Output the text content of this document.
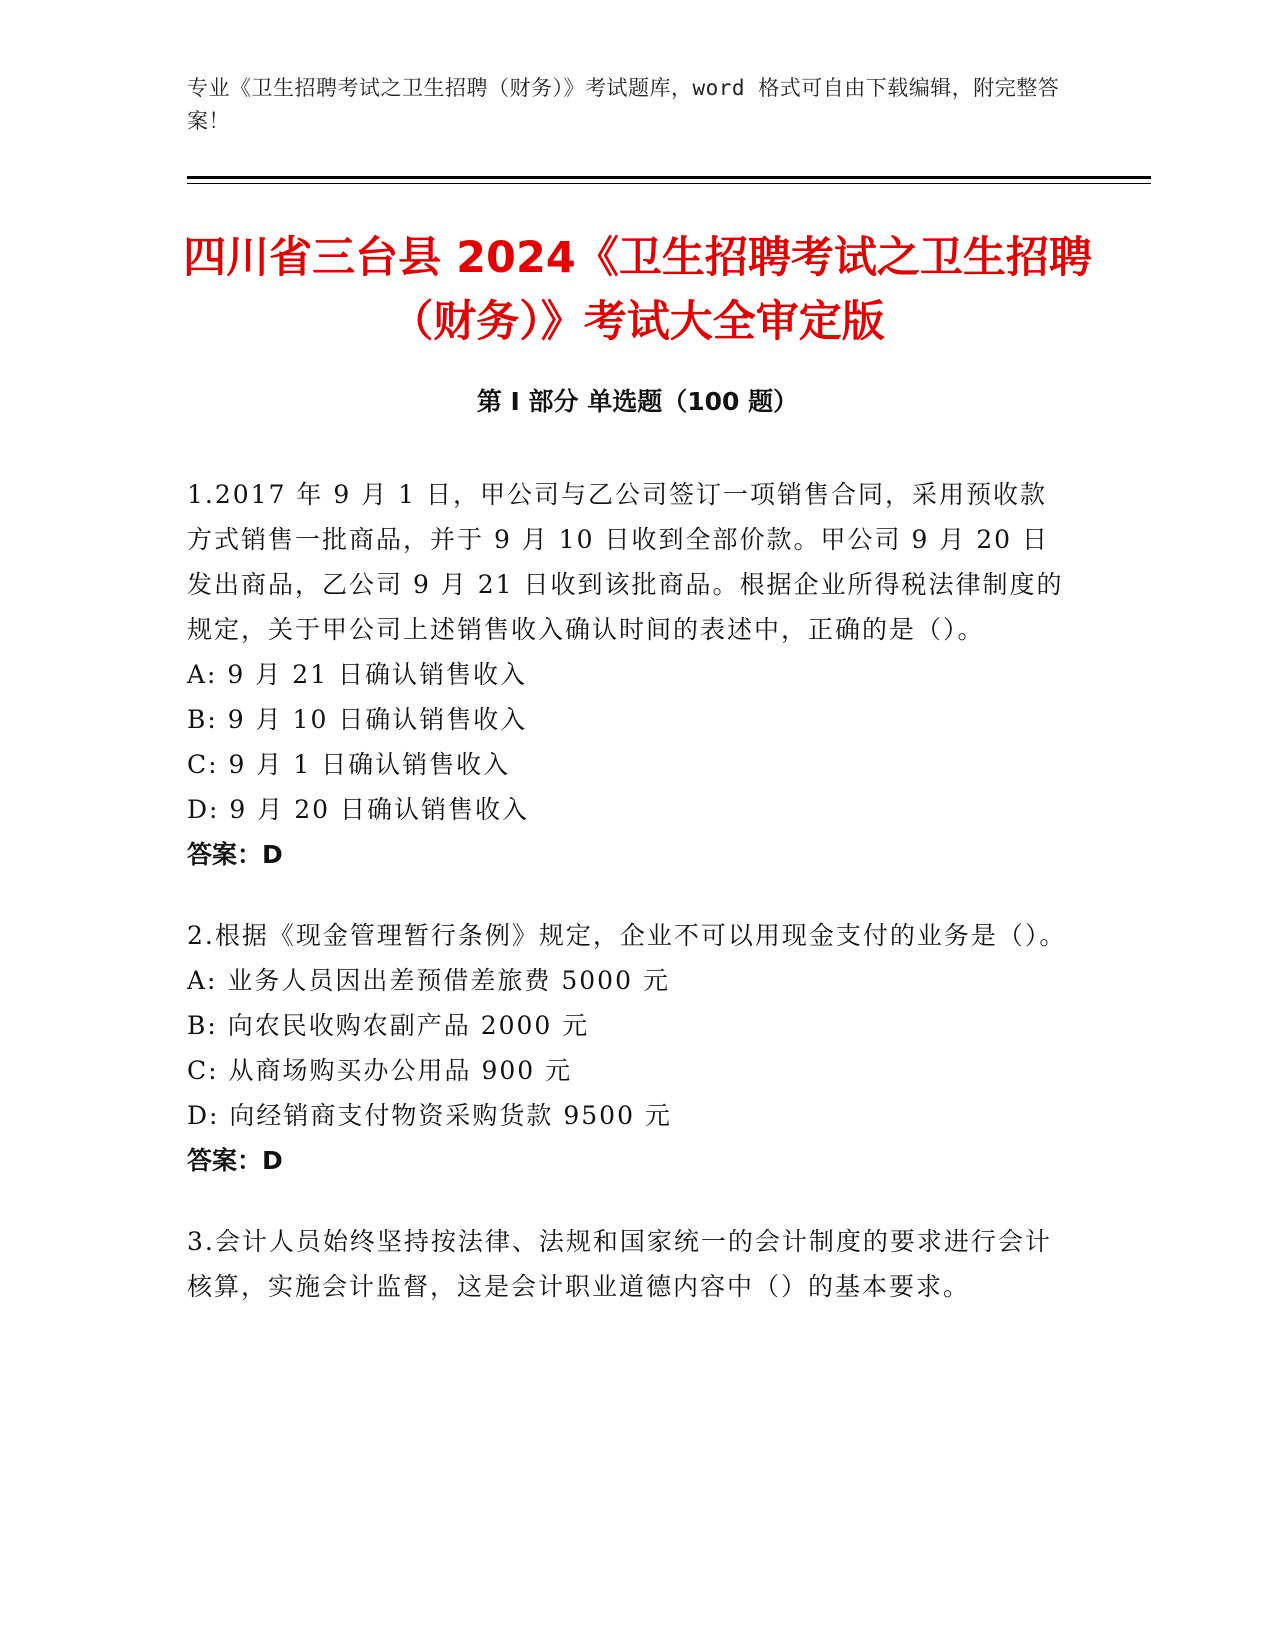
专业《卫生招聘考试之卫生招聘（财务）》考试题库，word 格式可自由下载编辑，附完整答案！
四川省三台县 2024《卫生招聘考试之卫生招聘（财务）》考试大全审定版
第 I 部分 单选题（100 题）

1.2017 年 9 月 1 日，甲公司与乙公司签订一项销售合同，采用预收款方式销售一批商品，并于 9 月 10 日收到全部价款。甲公司 9 月 20 日发出商品，乙公司 9 月 21 日收到该批商品。根据企业所得税法律制度的规定，关于甲公司上述销售收入确认时间的表述中，正确的是（）。

A: 9 月 21 日确认销售收入

B: 9 月 10 日确认销售收入

C: 9 月 1 日确认销售收入

D: 9 月 20 日确认销售收入

答案：D

2.根据《现金管理暂行条例》规定，企业不可以用现金支付的业务是（）。

A: 业务人员因出差预借差旅费 5000 元

B: 向农民收购农副产品 2000 元

C: 从商场购买办公用品 900 元

D: 向经销商支付物资采购货款 9500 元

答案：D

3.会计人员始终坚持按法律、法规和国家统一的会计制度的要求进行会计核算，实施会计监督，这是会计职业道德内容中（）的基本要求。
